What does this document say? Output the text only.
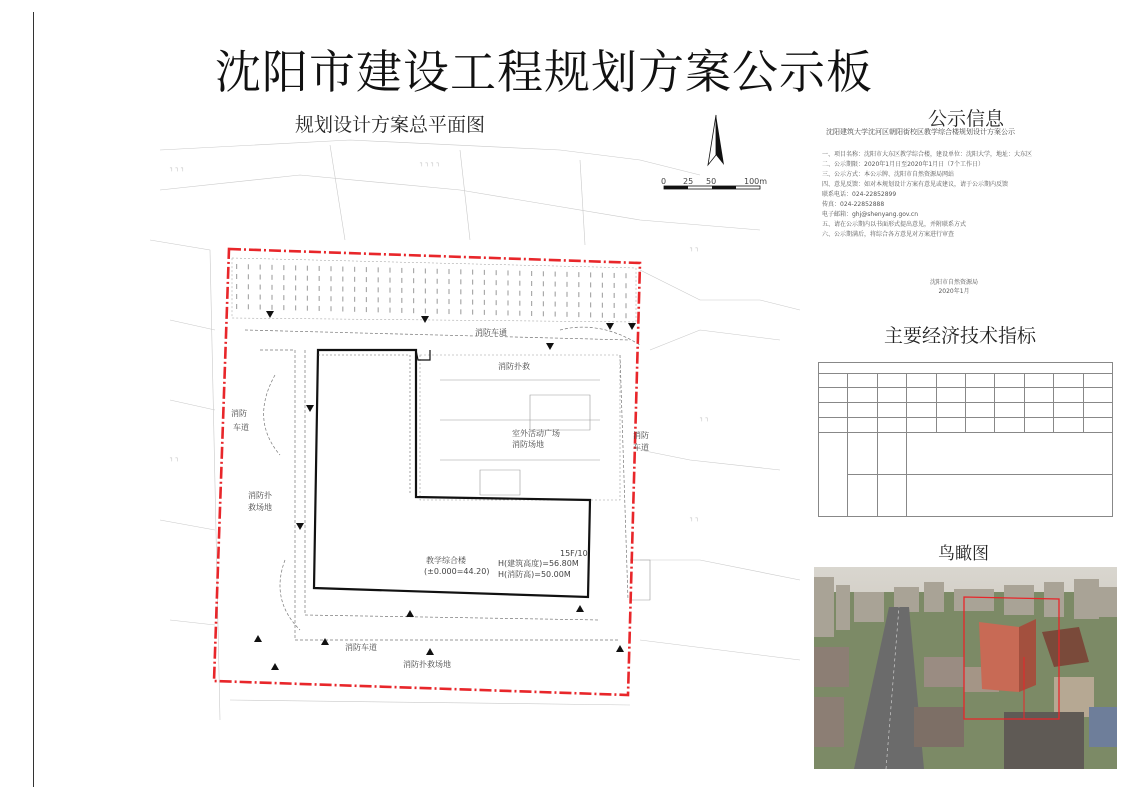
沈阳市建设工程规划方案公示板
规划设计方案总平面图
┐ ┐ ┐
┐ ┐ ┐ ┐
┐ ┐
┐ ┐
┐ ┐
┐ ┐
0 25 50	100m
消防车通
消防扑救
消防
车道
消防扑
救场地
室外活动广场
消防场地
消防
车道
教学综合楼
(±0.000=44.20)
15F/10
H(建筑高度)=56.80M
H(消防高)=50.00M
消防车道
消防扑救场地
公示信息
沈阳建筑大学沈河区朝阳街校区教学综合楼规划设计方案公示
一、项目名称：沈阳市大东区教学综合楼，建设单位：沈阳大学，地址：大东区
二、公示期限：2020年1月日至2020年1月日（7个工作日）
三、公示方式：本公示牌、沈阳市自然资源局网站
四、意见反馈：如对本规划设计方案有意见或建议，请于公示期内反馈
联系电话：024-22852899
传真：024-22852888
电子邮箱：ghj@shenyang.gov.cn
五、请在公示期内以书面形式提出意见，并附联系方式
六、公示期满后，将综合各方意见对方案进行审查
沈阳市自然资源局
2020年1月
主要经济技术指标

鸟瞰图
